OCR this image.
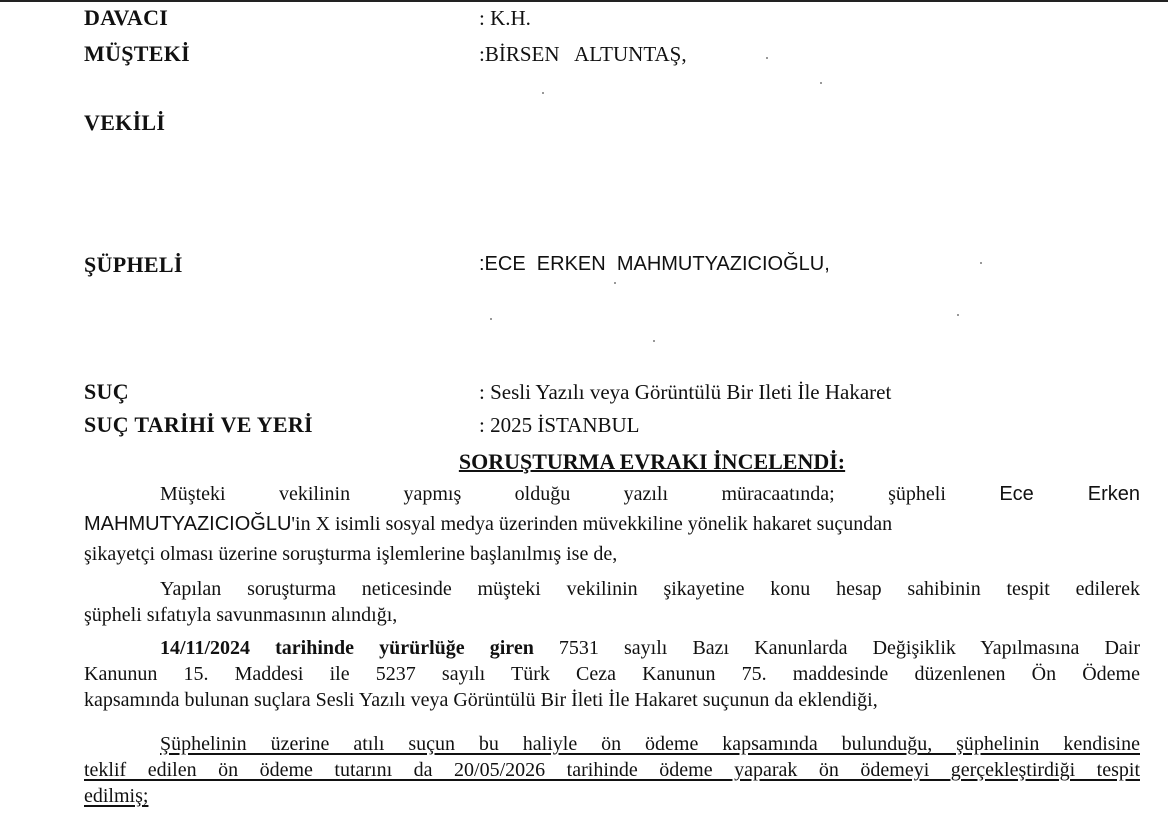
DAVACI	: K.H.
MÜŞTEKİ	:BİRSEN   ALTUNTAŞ,
VEKİLİ
ŞÜPHELİ	:ECE  ERKEN  MAHMUTYAZICIOĞLU,
SUÇ	: Sesli Yazılı veya Görüntülü Bir Ileti İle Hakaret
SUÇ TARİHİ VE YERİ	: 2025 İSTANBUL
SORUŞTURMA EVRAKI İNCELENDİ:
Müşteki vekilinin yapmış olduğu yazılı müracaatında; şüpheli	Ece Erken
MAHMUTYAZICIOĞLU'in X isimli sosyal medya üzerinden müvekkiline yönelik hakaret suçundan
şikayetçi olması üzerine soruşturma işlemlerine başlanılmış ise de,
Yapılan soruşturma neticesinde müşteki vekilinin şikayetine konu hesap sahibinin tespit edilerek
şüpheli sıfatıyla savunmasının alındığı,
14/11/2024 tarihinde yürürlüğe giren 7531 sayılı Bazı Kanunlarda Değişiklik Yapılmasına Dair
Kanunun 15. Maddesi ile 5237 sayılı Türk Ceza Kanunun 75. maddesinde düzenlenen Ön Ödeme
kapsamında bulunan suçlara Sesli Yazılı veya Görüntülü Bir İleti İle Hakaret suçunun da eklendiği,
Şüphelinin üzerine atılı suçun bu haliyle ön ödeme kapsamında bulunduğu, şüphelinin kendisine
teklif edilen ön ödeme tutarını da 20/05/2026 tarihinde ödeme yaparak ön ödemeyi gerçekleştirdiği tespit
edilmiş;
